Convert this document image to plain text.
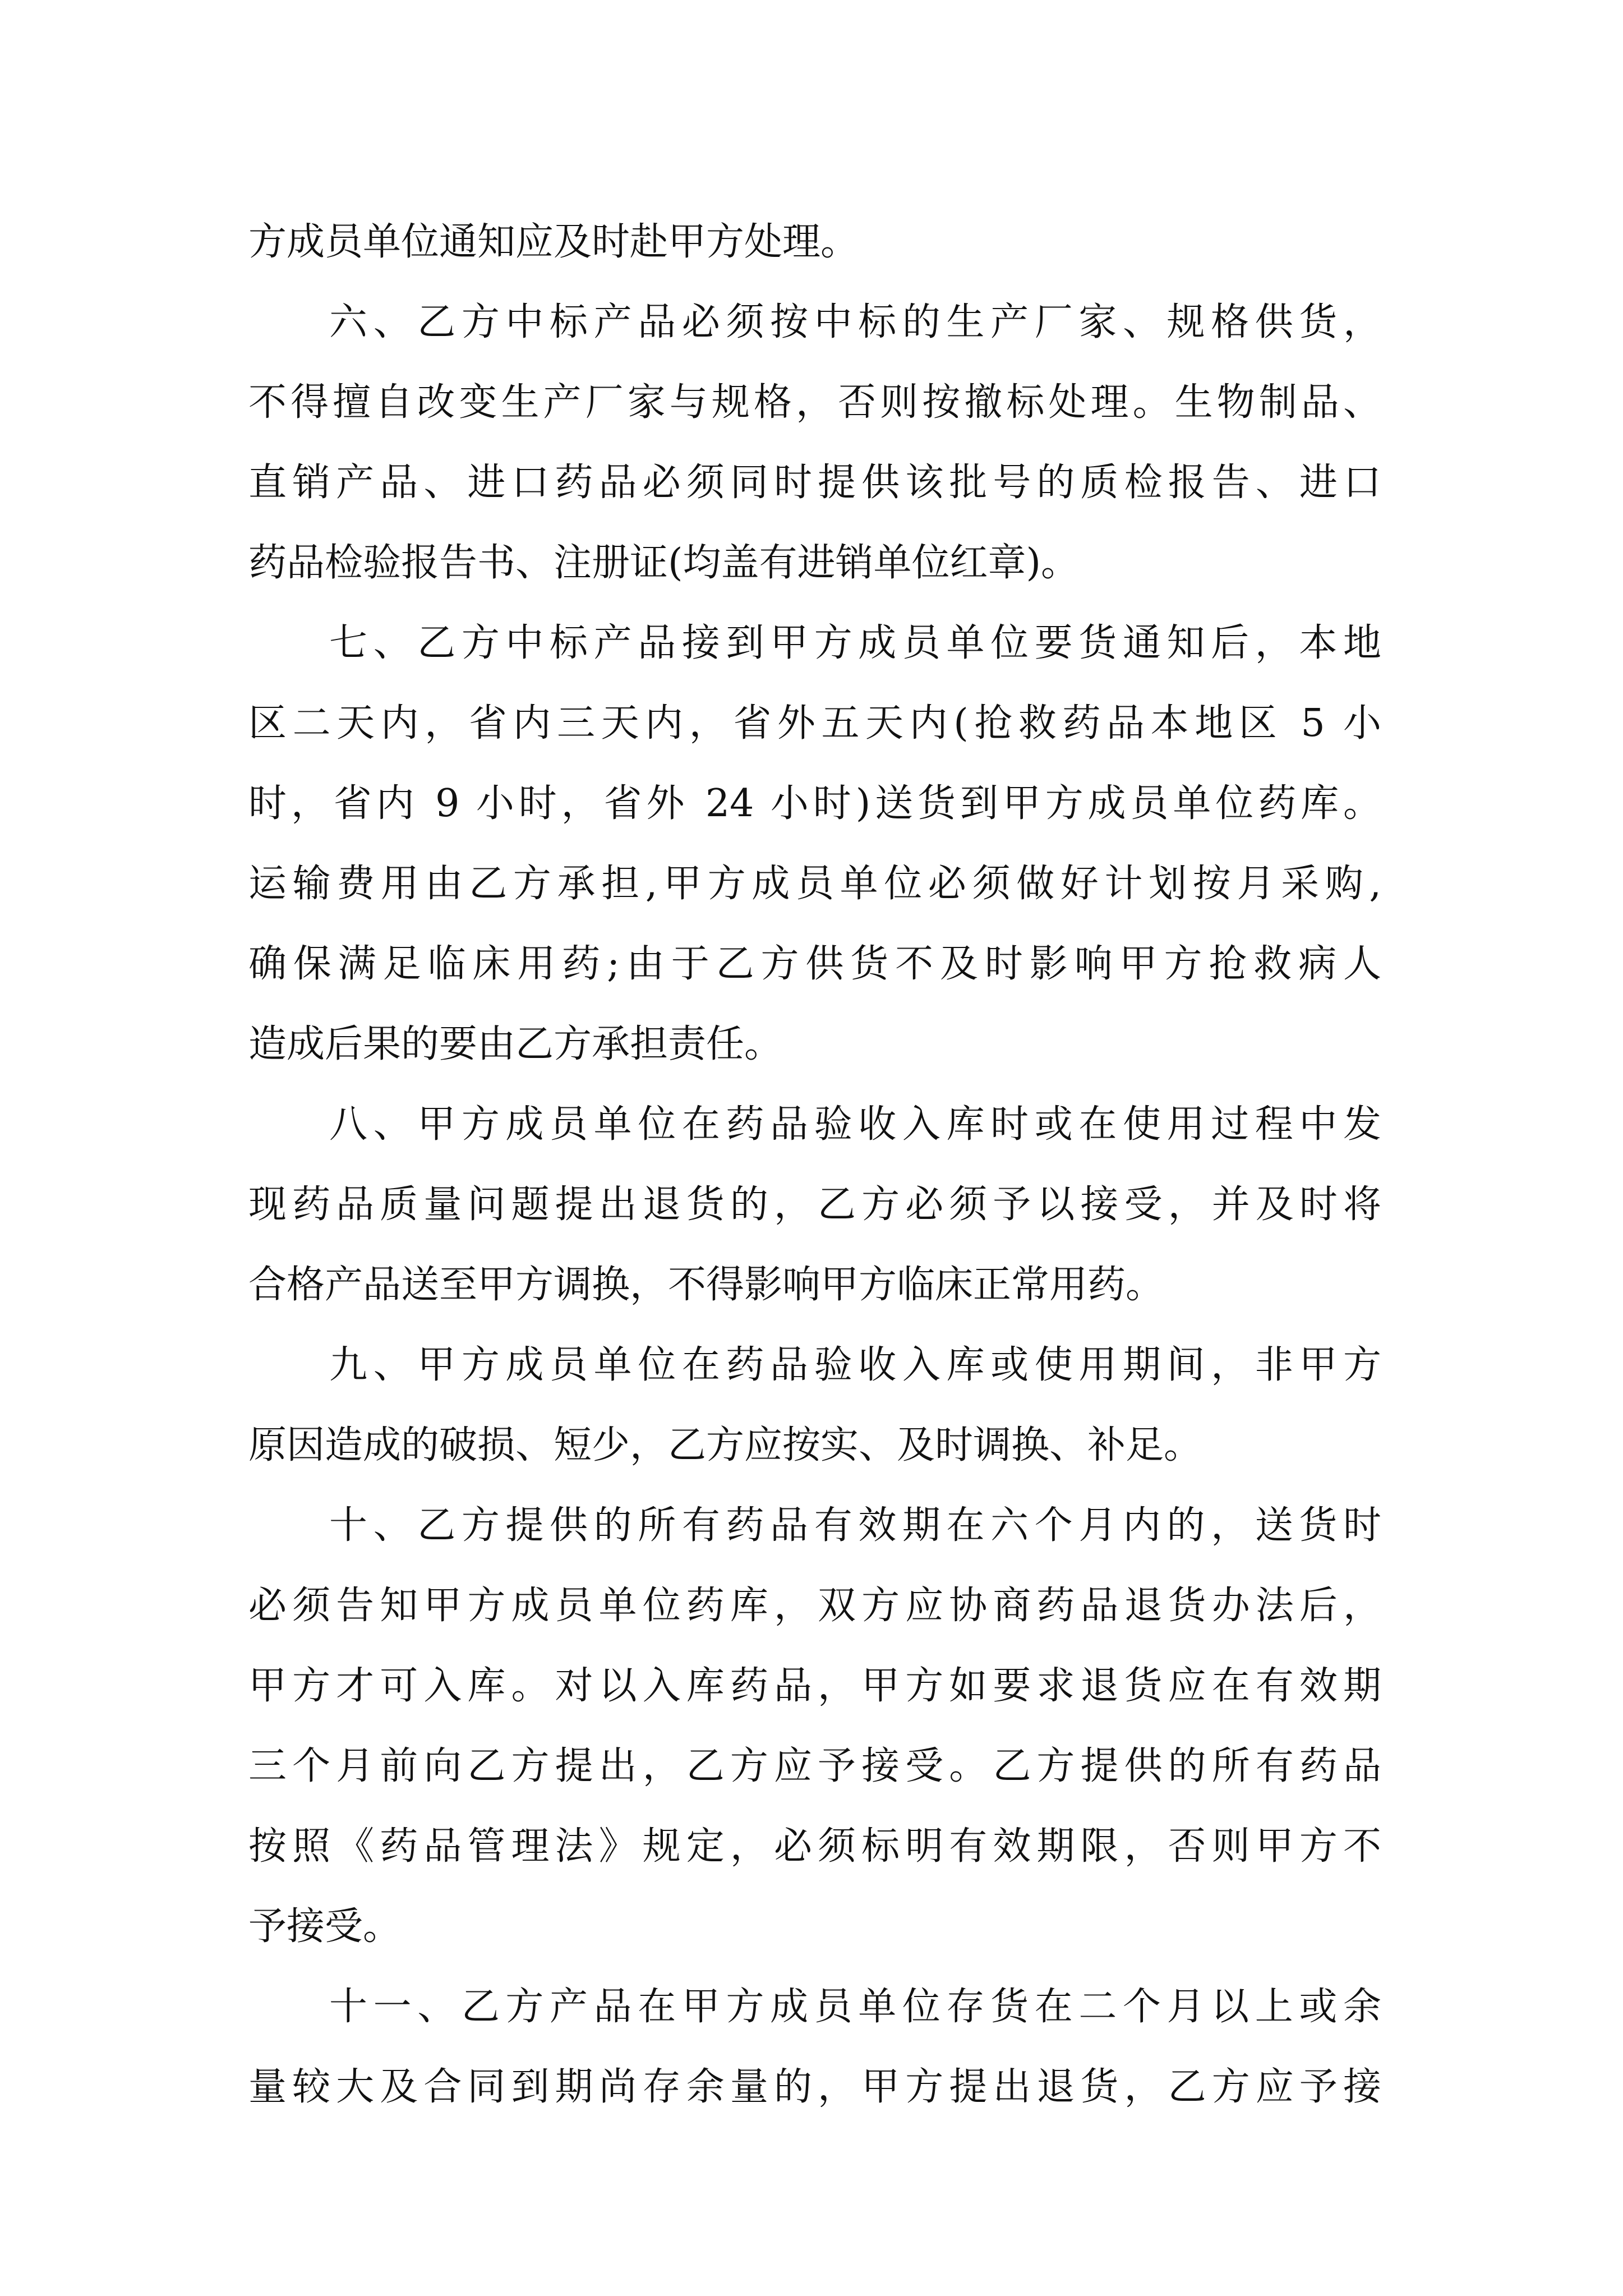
方成员单位通知应及时赴甲方处理。
六、乙方中标产品必须按中标的生产厂家、规格供货，
不得擅自改变生产厂家与规格，否则按撤标处理。生物制品、
直销产品、进口药品必须同时提供该批号的质检报告、进口
药品检验报告书、注册证(均盖有进销单位红章)。
七、乙方中标产品接到甲方成员单位要货通知后，本地
区二天内，省内三天内，省外五天内(抢救药品本地区 5 小
时，省内 9 小时，省外 24 小时)送货到甲方成员单位药库。
运输费用由乙方承担,甲方成员单位必须做好计划按月采购,
确保满足临床用药;由于乙方供货不及时影响甲方抢救病人
造成后果的要由乙方承担责任。
八、甲方成员单位在药品验收入库时或在使用过程中发
现药品质量问题提出退货的，乙方必须予以接受，并及时将
合格产品送至甲方调换，不得影响甲方临床正常用药。
九、甲方成员单位在药品验收入库或使用期间，非甲方
原因造成的破损、短少，乙方应按实、及时调换、补足。
十、乙方提供的所有药品有效期在六个月内的，送货时
必须告知甲方成员单位药库，双方应协商药品退货办法后，
甲方才可入库。对以入库药品，甲方如要求退货应在有效期
三个月前向乙方提出，乙方应予接受。乙方提供的所有药品
按照《药品管理法》规定，必须标明有效期限，否则甲方不
予接受。
十一、乙方产品在甲方成员单位存货在二个月以上或余
量较大及合同到期尚存余量的，甲方提出退货，乙方应予接
